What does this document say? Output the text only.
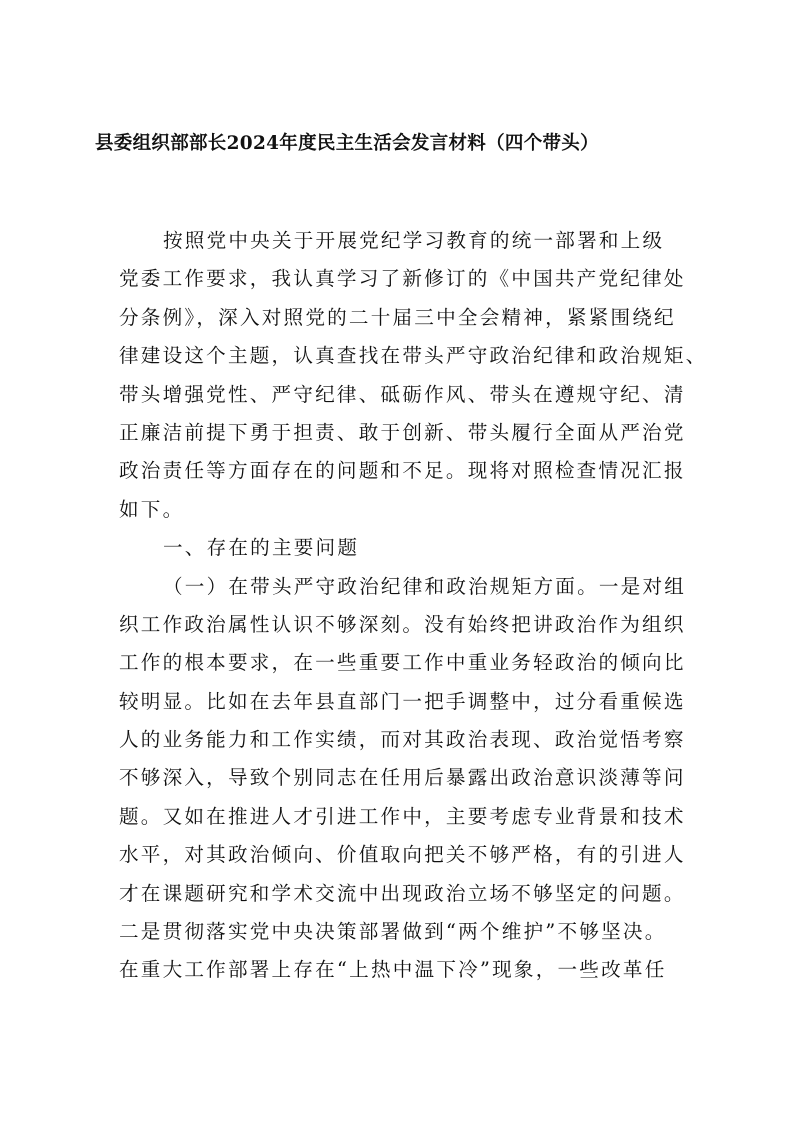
县委组织部部长2024年度民主生活会发言材料（四个带头）
按照党中央关于开展党纪学习教育的统一部署和上级
党委工作要求，我认真学习了新修订的《中国共产党纪律处
分条例》，深入对照党的二十届三中全会精神，紧紧围绕纪
律建设这个主题，认真查找在带头严守政治纪律和政治规矩、
带头增强党性、严守纪律、砥砺作风、带头在遵规守纪、清
正廉洁前提下勇于担责、敢于创新、带头履行全面从严治党
政治责任等方面存在的问题和不足。现将对照检查情况汇报
如下。
一、存在的主要问题
（一）在带头严守政治纪律和政治规矩方面。一是对组
织工作政治属性认识不够深刻。没有始终把讲政治作为组织
工作的根本要求，在一些重要工作中重业务轻政治的倾向比
较明显。比如在去年县直部门一把手调整中，过分看重候选
人的业务能力和工作实绩，而对其政治表现、政治觉悟考察
不够深入，导致个别同志在任用后暴露出政治意识淡薄等问
题。又如在推进人才引进工作中，主要考虑专业背景和技术
水平，对其政治倾向、价值取向把关不够严格，有的引进人
才在课题研究和学术交流中出现政治立场不够坚定的问题。
二是贯彻落实党中央决策部署做到“两个维护”不够坚决。
在重大工作部署上存在“上热中温下冷”现象，一些改革任
